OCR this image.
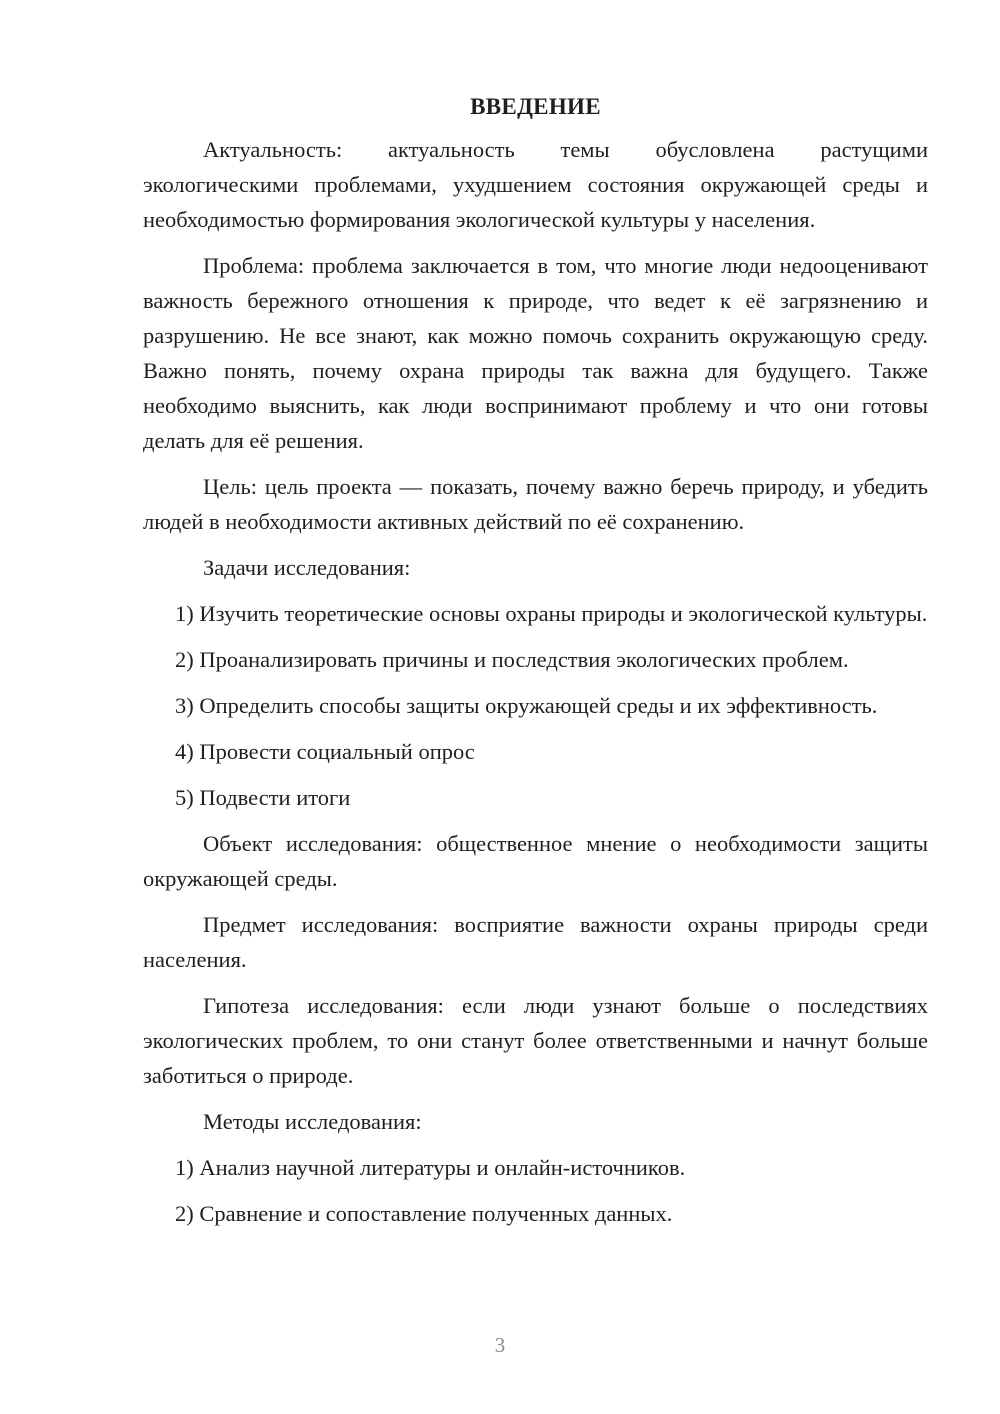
ВВЕДЕНИЕ

Актуальность: актуальность темы обусловлена растущими экологическими проблемами, ухудшением состояния окружающей среды и необходимостью формирования экологической культуры у населения.

Проблема: проблема заключается в том, что многие люди недооценивают важность бережного отношения к природе, что ведет к её загрязнению и разрушению. Не все знают, как можно помочь сохранить окружающую среду. Важно понять, почему охрана природы так важна для будущего. Также необходимо выяснить, как люди воспринимают проблему и что они готовы делать для её решения.

Цель: цель проекта — показать, почему важно беречь природу, и убедить людей в необходимости активных действий по её сохранению.

Задачи исследования:

1) Изучить теоретические основы охраны природы и экологической культуры.

2) Проанализировать причины и последствия экологических проблем.

3) Определить способы защиты окружающей среды и их эффективность.

4) Провести социальный опрос

5) Подвести итоги

Объект исследования: общественное мнение о необходимости защиты окружающей среды.

Предмет исследования: восприятие важности охраны природы среди населения.

Гипотеза исследования: если люди узнают больше о последствиях экологических проблем, то они станут более ответственными и начнут больше заботиться о природе.

Методы исследования:

1) Анализ научной литературы и онлайн-источников.

2) Сравнение и сопоставление полученных данных.

3
